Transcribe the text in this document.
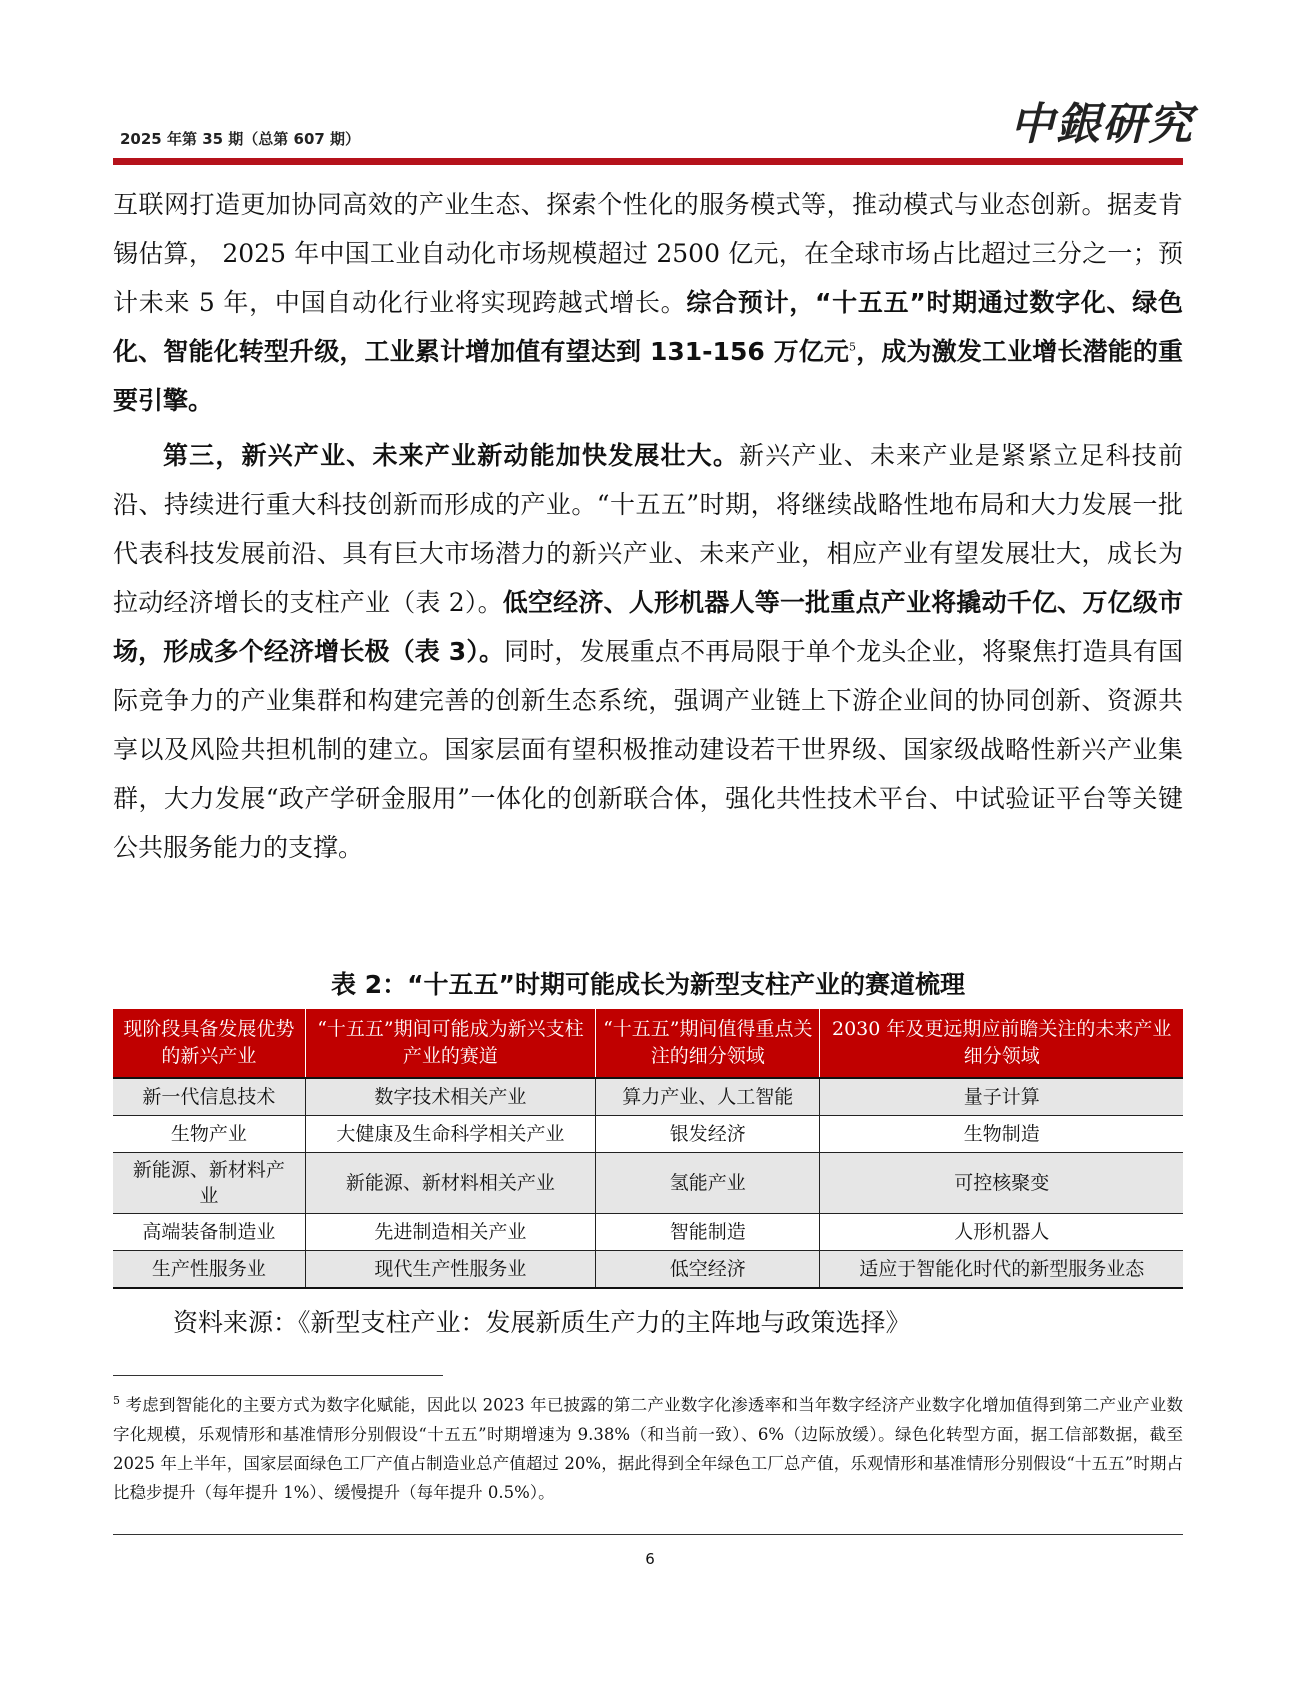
2025 年第 35 期（总第 607 期）	中銀研究

互联网打造更加协同高效的产业生态、探索个性化的服务模式等，推动模式与业态创新。据麦肯锡估算， 2025 年中国工业自动化市场规模超过 2500 亿元，在全球市场占比超过三分之一；预计未来 5 年，中国自动化行业将实现跨越式增长。综合预计，“十五五”时期通过数字化、绿色化、智能化转型升级，工业累计增加值有望达到 131-156 万亿元$^5$，成为激发工业增长潜能的重要引擎。

第三，新兴产业、未来产业新动能加快发展壮大。新兴产业、未来产业是紧紧立足科技前沿、持续进行重大科技创新而形成的产业。“十五五”时期，将继续战略性地布局和大力发展一批代表科技发展前沿、具有巨大市场潜力的新兴产业、未来产业，相应产业有望发展壮大，成长为拉动经济增长的支柱产业（表 2）。低空经济、人形机器人等一批重点产业将撬动千亿、万亿级市场，形成多个经济增长极（表 3）。同时，发展重点不再局限于单个龙头企业，将聚焦打造具有国际竞争力的产业集群和构建完善的创新生态系统，强调产业链上下游企业间的协同创新、资源共享以及风险共担机制的建立。国家层面有望积极推动建设若干世界级、国家级战略性新兴产业集群，大力发展“政产学研金服用”一体化的创新联合体，强化共性技术平台、中试验证平台等关键公共服务能力的支撑。

表 2：“十五五”时期可能成长为新型支柱产业的赛道梳理
现阶段具备发展优势的新兴产业	“十五五”期间可能成为新兴支柱产业的赛道	“十五五”期间值得重点关注的细分领域	2030 年及更远期应前瞻关注的未来产业细分领域
新一代信息技术	数字技术相关产业	算力产业、人工智能	量子计算
生物产业	大健康及生命科学相关产业	银发经济	生物制造
新能源、新材料产业	新能源、新材料相关产业	氢能产业	可控核聚变
高端装备制造业	先进制造相关产业	智能制造	人形机器人
生产性服务业	现代生产性服务业	低空经济	适应于智能化时代的新型服务业态
资料来源：《新型支柱产业：发展新质生产力的主阵地与政策选择》
$^5$ 考虑到智能化的主要方式为数字化赋能，因此以 2023 年已披露的第二产业数字化渗透率和当年数字经济产业数字化增加值得到第二产业产业数字化规模，乐观情形和基准情形分别假设“十五五”时期增速为 9.38%（和当前一致）、6%（边际放缓）。绿色化转型方面，据工信部数据，截至 2025 年上半年，国家层面绿色工厂产值占制造业总产值超过 20%，据此得到全年绿色工厂总产值，乐观情形和基准情形分别假设“十五五”时期占比稳步提升（每年提升 1%）、缓慢提升（每年提升 0.5%）。
6
